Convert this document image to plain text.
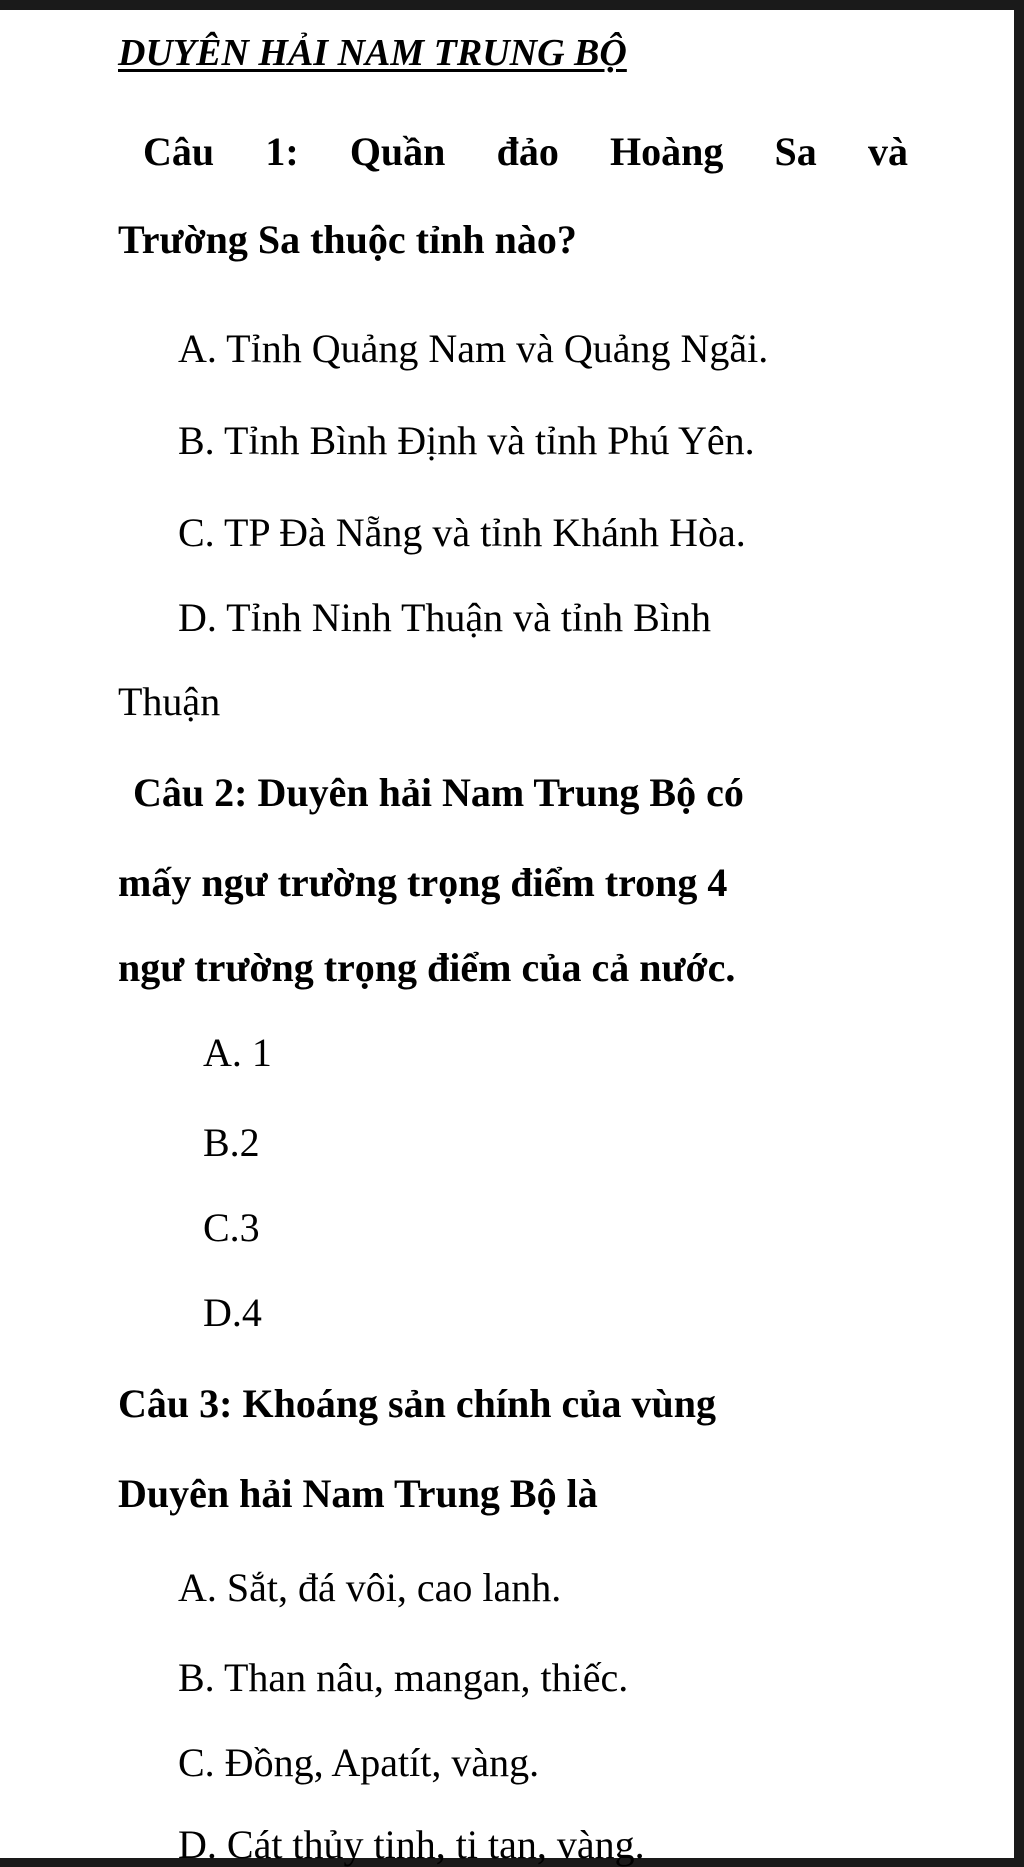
DUYÊN HẢI NAM TRUNG BỘ
Câu 1: Quần đảo Hoàng Sa và
Trường Sa thuộc tỉnh nào?
A. Tỉnh Quảng Nam và Quảng Ngãi.
B. Tỉnh Bình Định và tỉnh Phú Yên.
C. TP Đà Nẵng và tỉnh Khánh Hòa.
D. Tỉnh Ninh Thuận và tỉnh Bình
Thuận
Câu 2: Duyên hải Nam Trung Bộ có
mấy ngư trường trọng điểm trong 4
ngư trường trọng điểm của cả nước.
A. 1
B.2
C.3
D.4
Câu 3: Khoáng sản chính của vùng
Duyên hải Nam Trung Bộ là
A. Sắt, đá vôi, cao lanh.
B. Than nâu, mangan, thiếc.
C. Đồng, Apatít, vàng.
D. Cát thủy tinh, ti tan, vàng.
